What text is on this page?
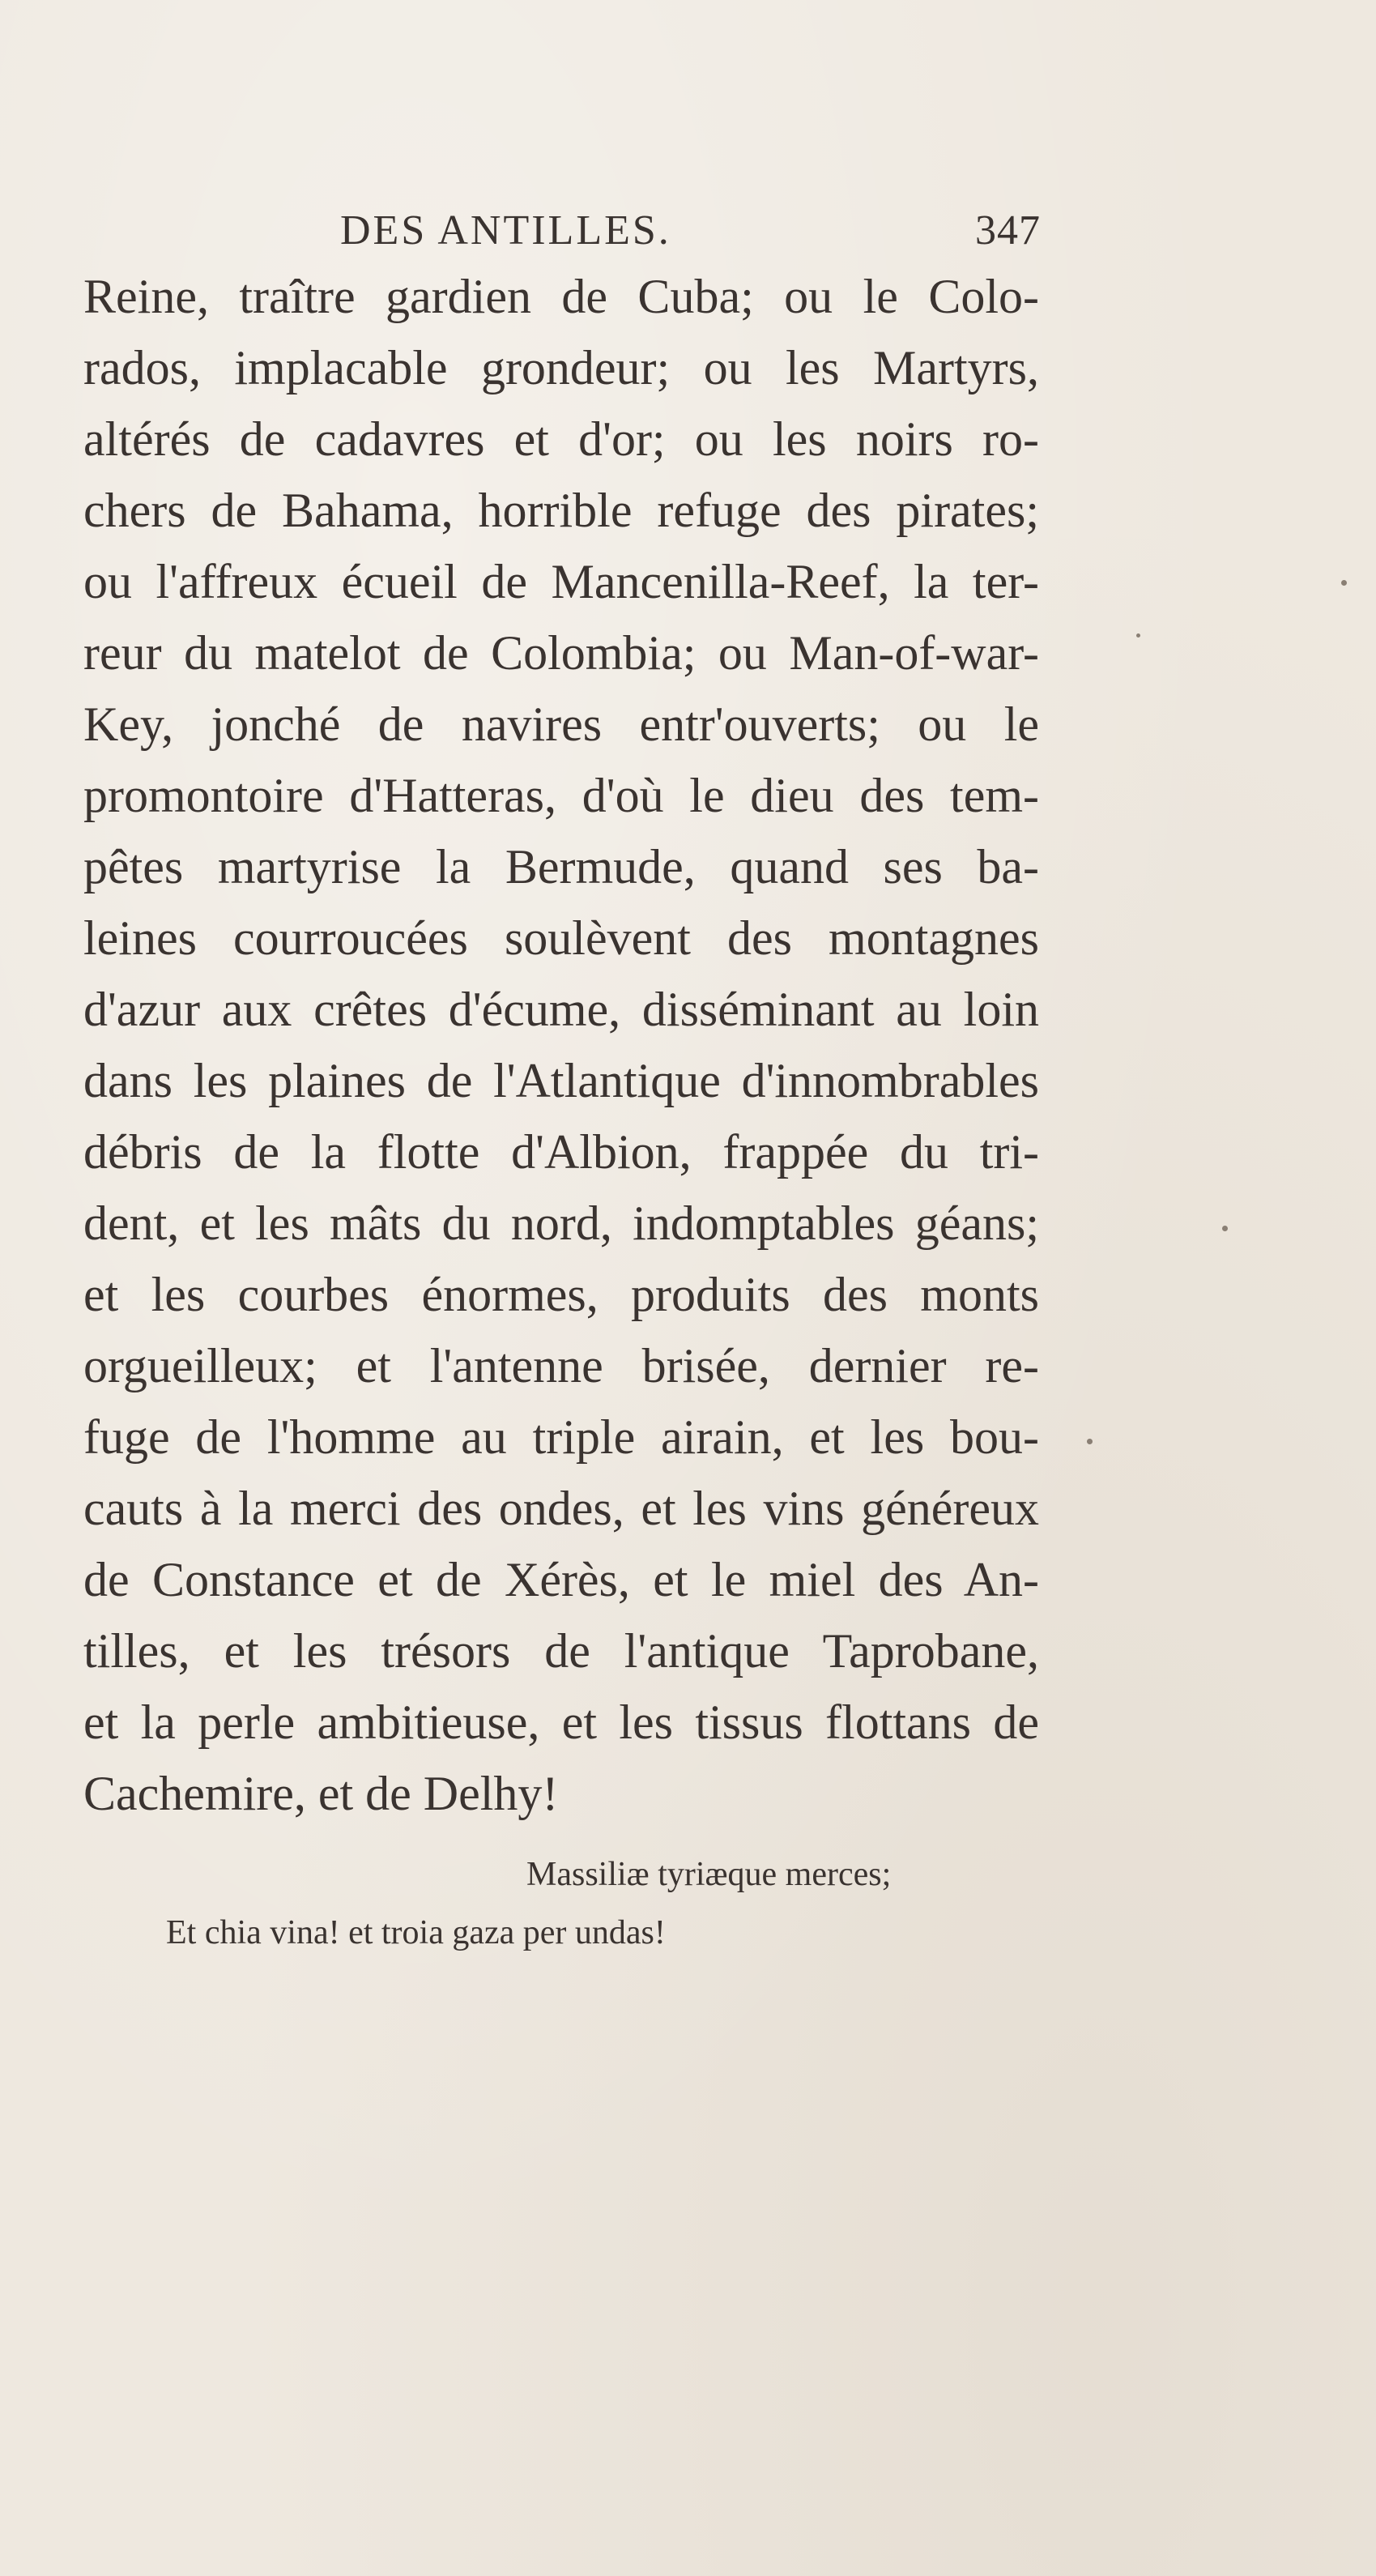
DES ANTILLES.	347
Reine, traître gardien de Cuba; ou le Colo-
rados, implacable grondeur; ou les Martyrs,
altérés de cadavres et d'or; ou les noirs ro-
chers de Bahama, horrible refuge des pirates;
ou l'affreux écueil de Mancenilla-Reef, la ter-
reur du matelot de Colombia; ou Man-of-war-
Key, jonché de navires entr'ouverts; ou le
promontoire d'Hatteras, d'où le dieu des tem-
pêtes martyrise la Bermude, quand ses ba-
leines courroucées soulèvent des montagnes
d'azur aux crêtes d'écume, disséminant au loin
dans les plaines de l'Atlantique d'innombrables
débris de la flotte d'Albion, frappée du tri-
dent, et les mâts du nord, indomptables géans;
et les courbes énormes, produits des monts
orgueilleux; et l'antenne brisée, dernier re-
fuge de l'homme au triple airain, et les bou-
cauts à la merci des ondes, et les vins généreux
de Constance et de Xérès, et le miel des An-
tilles, et les trésors de l'antique Taprobane,
et la perle ambitieuse, et les tissus flottans de
Cachemire, et de Delhy!
Massiliæ tyriæque merces;
Et chia vina! et troia gaza per undas!
